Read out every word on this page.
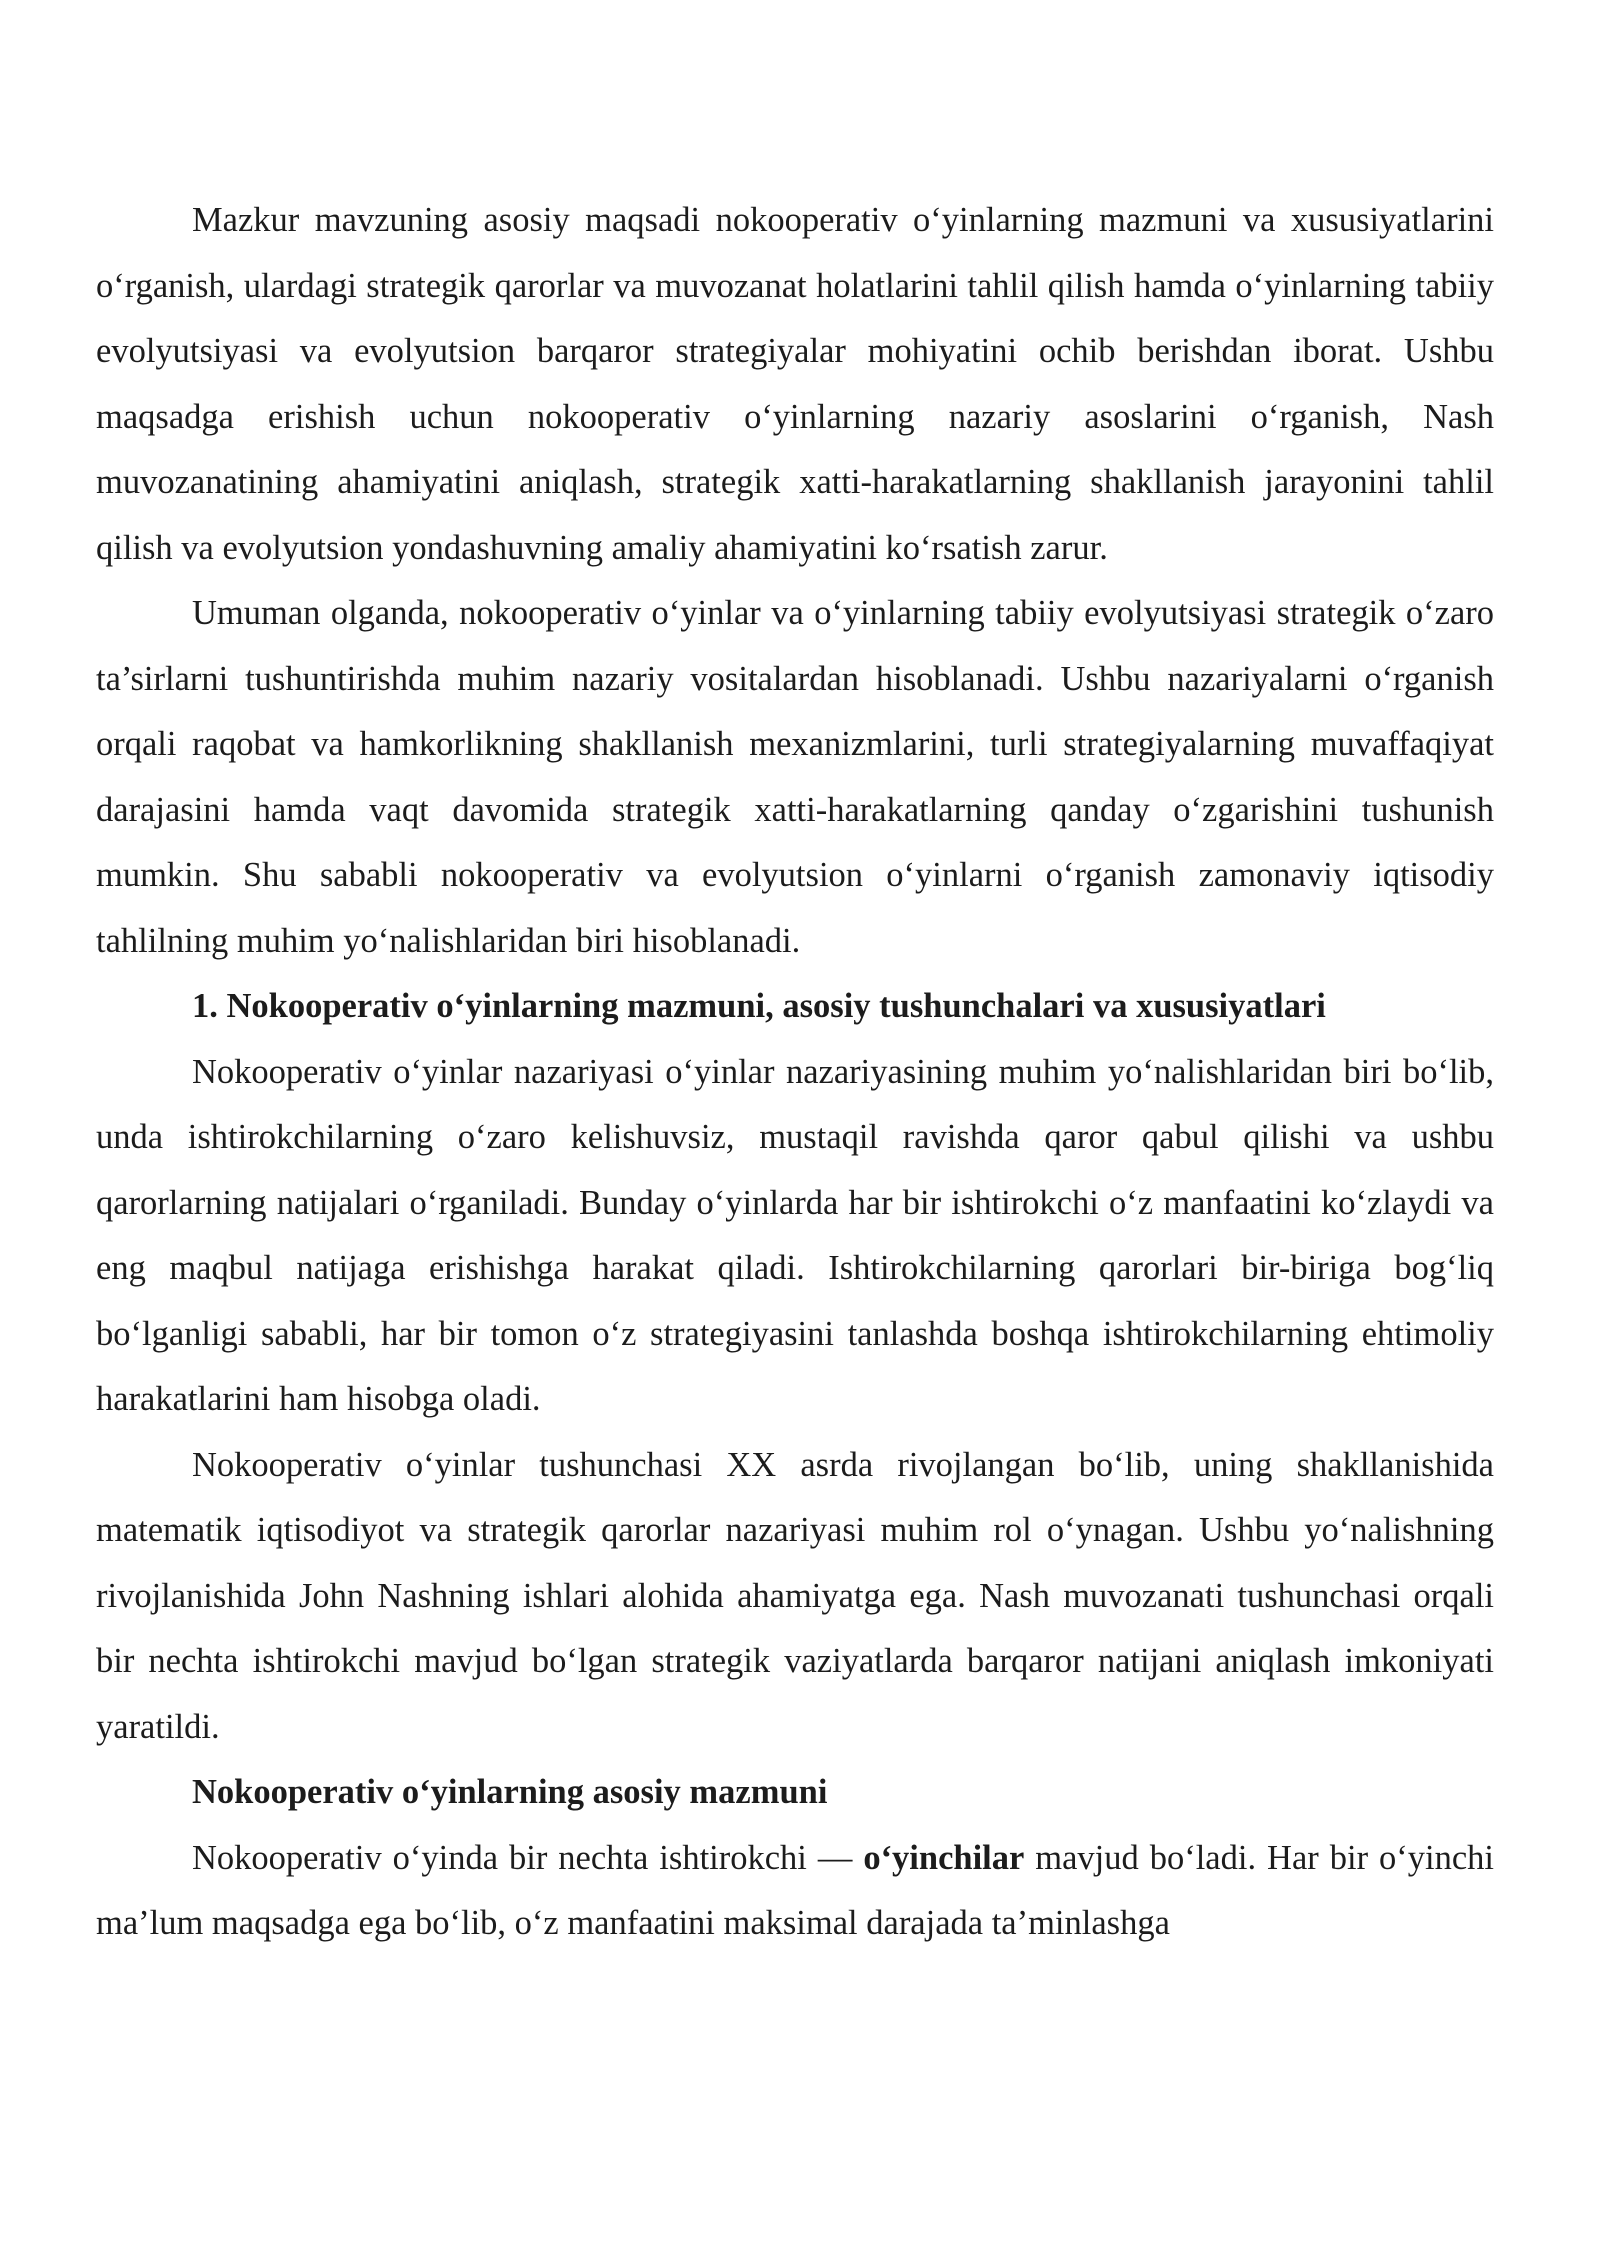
Mazkur mavzuning asosiy maqsadi nokooperativ o‘yinlarning mazmuni va xususiyatlarini o‘rganish, ulardagi strategik qarorlar va muvozanat holatlarini tahlil qilish hamda o‘yinlarning tabiiy evolyutsiyasi va evolyutsion barqaror strategiyalar mohiyatini ochib berishdan iborat. Ushbu maqsadga erishish uchun nokooperativ o‘yinlarning nazariy asoslarini o‘rganish, Nash muvozanatining ahamiyatini aniqlash, strategik xatti-harakatlarning shakllanish jarayonini tahlil qilish va evolyutsion yondashuvning amaliy ahamiyatini ko‘rsatish zarur.

Umuman olganda, nokooperativ o‘yinlar va o‘yinlarning tabiiy evolyutsiyasi strategik o‘zaro ta’sirlarni tushuntirishda muhim nazariy vositalardan hisoblanadi. Ushbu nazariyalarni o‘rganish orqali raqobat va hamkorlikning shakllanish mexanizmlarini, turli strategiyalarning muvaffaqiyat darajasini hamda vaqt davomida strategik xatti-harakatlarning qanday o‘zgarishini tushunish mumkin. Shu sababli nokooperativ va evolyutsion o‘yinlarni o‘rganish zamonaviy iqtisodiy tahlilning muhim yo‘nalishlaridan biri hisoblanadi.

1. Nokooperativ o‘yinlarning mazmuni, asosiy tushunchalari va xususiyatlari

Nokooperativ o‘yinlar nazariyasi o‘yinlar nazariyasining muhim yo‘nalishlaridan biri bo‘lib, unda ishtirokchilarning o‘zaro kelishuvsiz, mustaqil ravishda qaror qabul qilishi va ushbu qarorlarning natijalari o‘rganiladi. Bunday o‘yinlarda har bir ishtirokchi o‘z manfaatini ko‘zlaydi va eng maqbul natijaga erishishga harakat qiladi. Ishtirokchilarning qarorlari bir-biriga bog‘liq bo‘lganligi sababli, har bir tomon o‘z strategiyasini tanlashda boshqa ishtirokchilarning ehtimoliy harakatlarini ham hisobga oladi.

Nokooperativ o‘yinlar tushunchasi XX asrda rivojlangan bo‘lib, uning shakllanishida matematik iqtisodiyot va strategik qarorlar nazariyasi muhim rol o‘ynagan. Ushbu yo‘nalishning rivojlanishida John Nashning ishlari alohida ahamiyatga ega. Nash muvozanati tushunchasi orqali bir nechta ishtirokchi mavjud bo‘lgan strategik vaziyatlarda barqaror natijani aniqlash imkoniyati yaratildi.

Nokooperativ o‘yinlarning asosiy mazmuni

Nokooperativ o‘yinda bir nechta ishtirokchi — o‘yinchilar mavjud bo‘ladi. Har bir o‘yinchi ma’lum maqsadga ega bo‘lib, o‘z manfaatini maksimal darajada ta’minlashga
